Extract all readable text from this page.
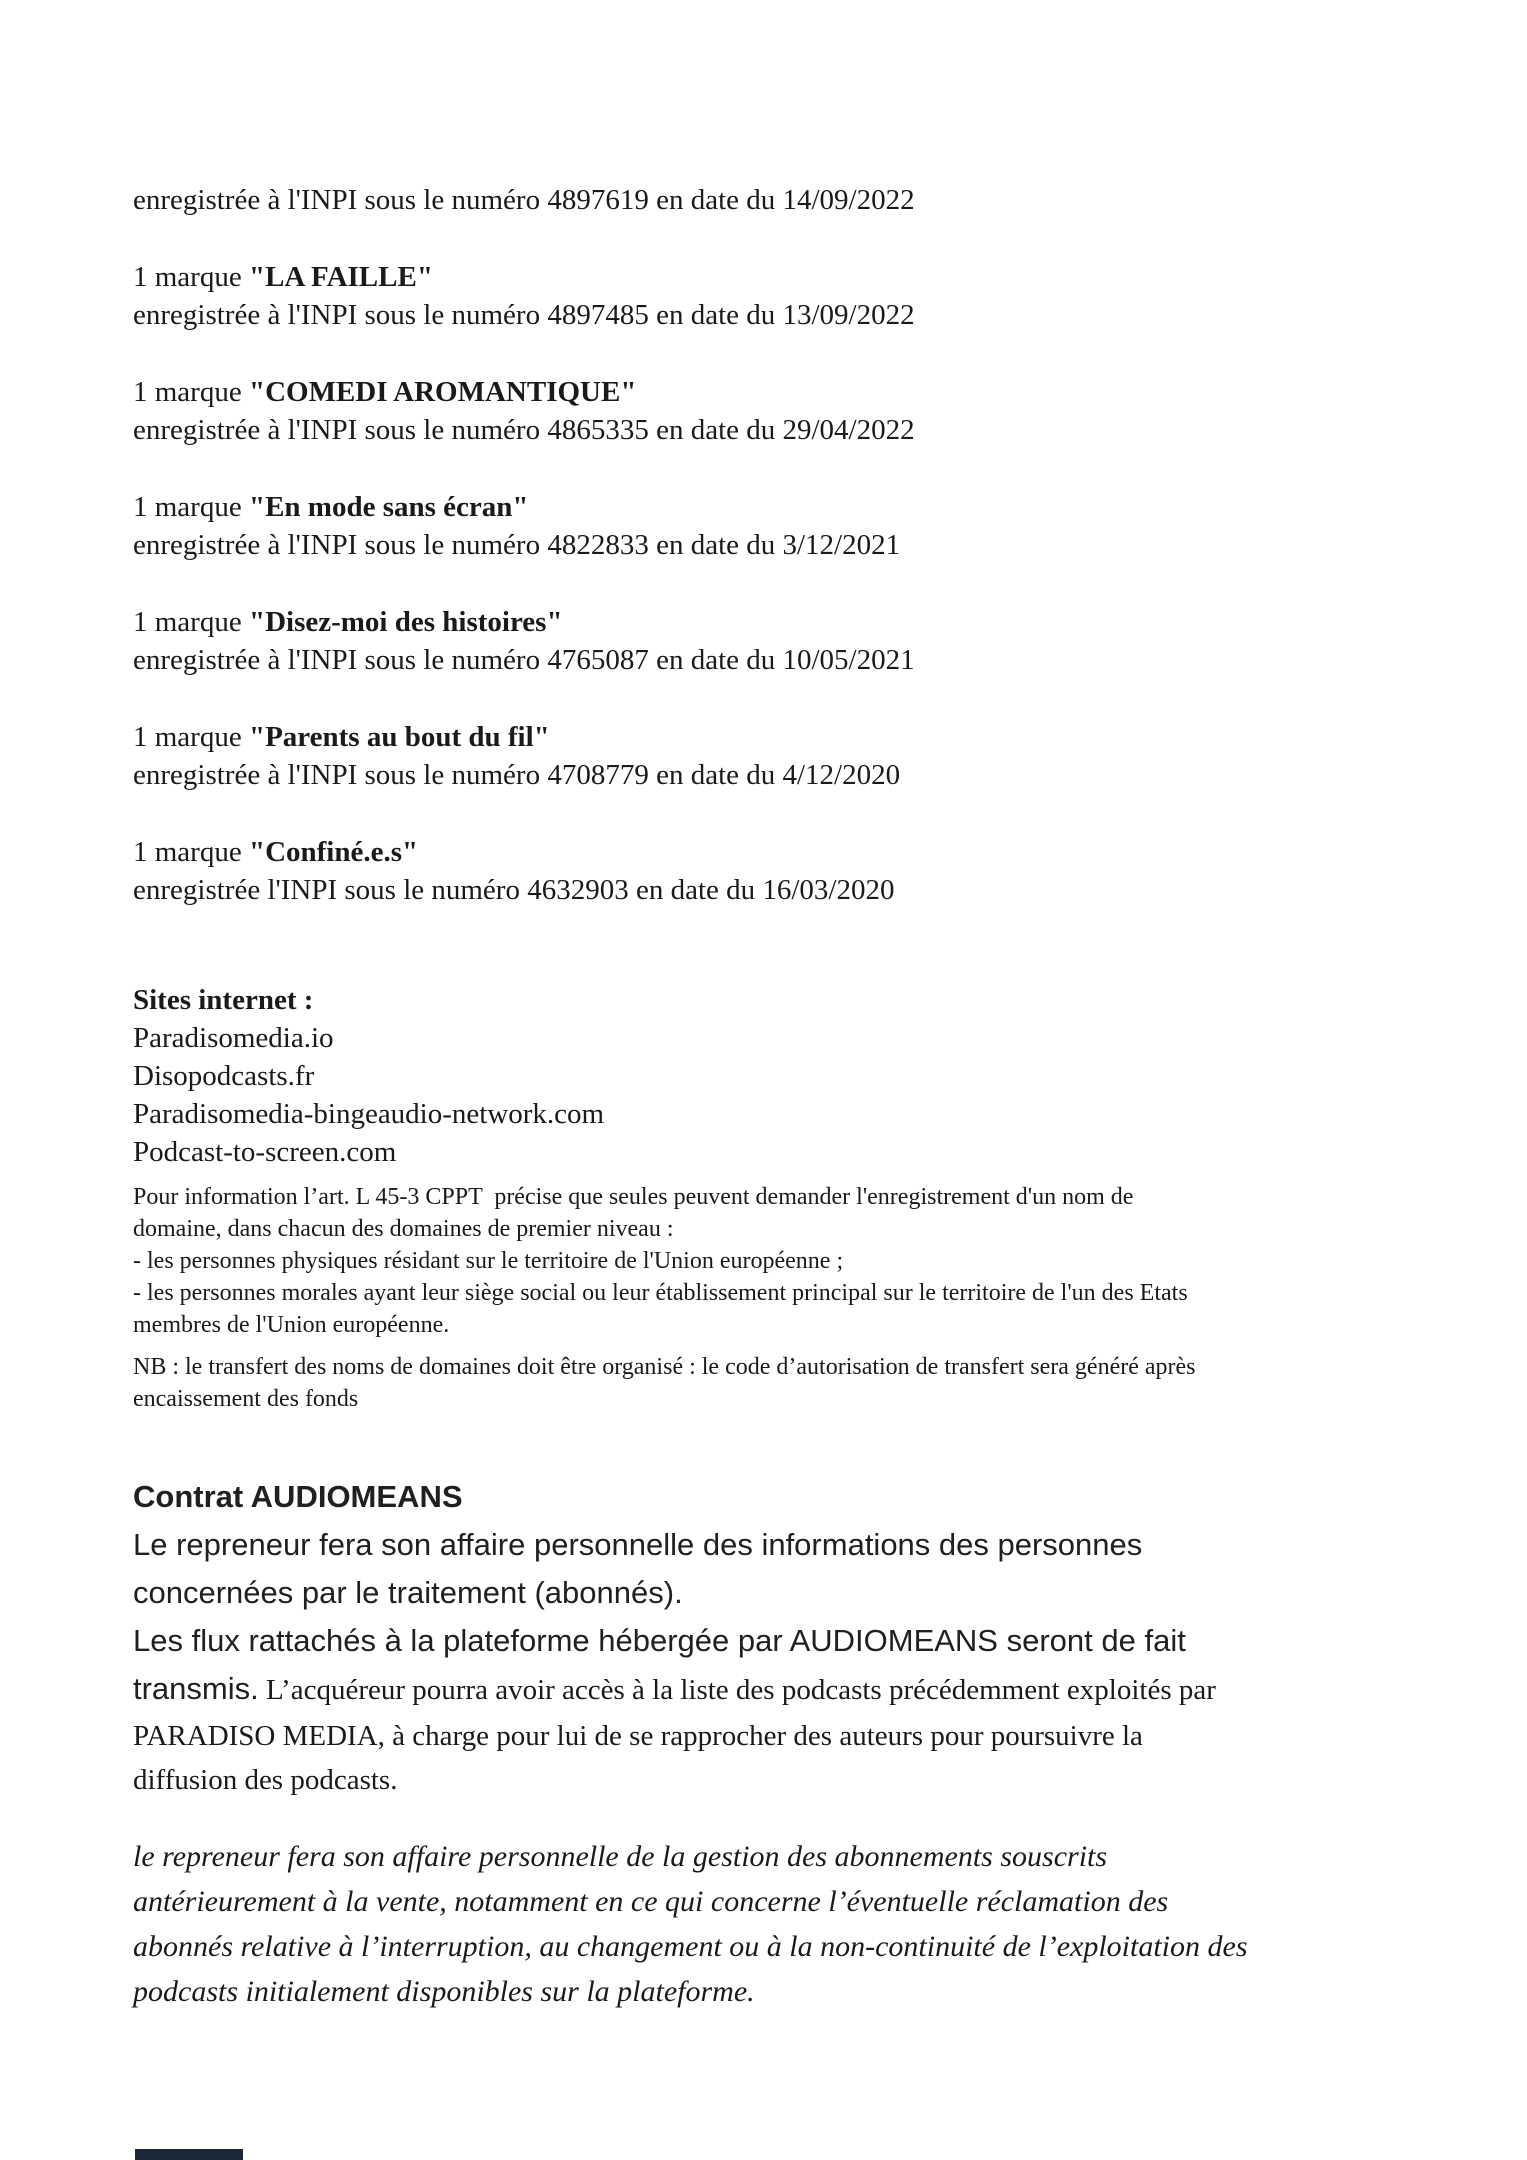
enregistrée à l'INPI sous le numéro 4897619 en date du 14/09/2022
1 marque "LA FAILLE"
enregistrée à l'INPI sous le numéro 4897485 en date du 13/09/2022
1 marque "COMEDI AROMANTIQUE"
enregistrée à l'INPI sous le numéro 4865335 en date du 29/04/2022
1 marque "En mode sans écran"
enregistrée à l'INPI sous le numéro 4822833 en date du 3/12/2021
1 marque "Disez-moi des histoires"
enregistrée à l'INPI sous le numéro 4765087 en date du 10/05/2021
1 marque "Parents au bout du fil"
enregistrée à l'INPI sous le numéro 4708779 en date du 4/12/2020
1 marque "Confiné.e.s"
enregistrée l'INPI sous le numéro 4632903 en date du 16/03/2020
Sites internet :
Paradisomedia.io
Disopodcasts.fr
Paradisomedia-bingeaudio-network.com
Podcast-to-screen.com
Pour information l’art. L 45-3 CPPT  précise que seules peuvent demander l'enregistrement d'un nom de
domaine, dans chacun des domaines de premier niveau :
- les personnes physiques résidant sur le territoire de l'Union européenne ;
- les personnes morales ayant leur siège social ou leur établissement principal sur le territoire de l'un des Etats
membres de l'Union européenne.
NB : le transfert des noms de domaines doit être organisé : le code d’autorisation de transfert sera généré après
encaissement des fonds
Contrat AUDIOMEANS
Le repreneur fera son affaire personnelle des informations des personnes
concernées par le traitement (abonnés).
Les flux rattachés à la plateforme hébergée par AUDIOMEANS seront de fait
transmis. L’acquéreur pourra avoir accès à la liste des podcasts précédemment exploités par
PARADISO MEDIA, à charge pour lui de se rapprocher des auteurs pour poursuivre la
diffusion des podcasts.
le repreneur fera son affaire personnelle de la gestion des abonnements souscrits
antérieurement à la vente, notamment en ce qui concerne l’éventuelle réclamation des
abonnés relative à l’interruption, au changement ou à la non-continuité de l’exploitation des
podcasts initialement disponibles sur la plateforme.
